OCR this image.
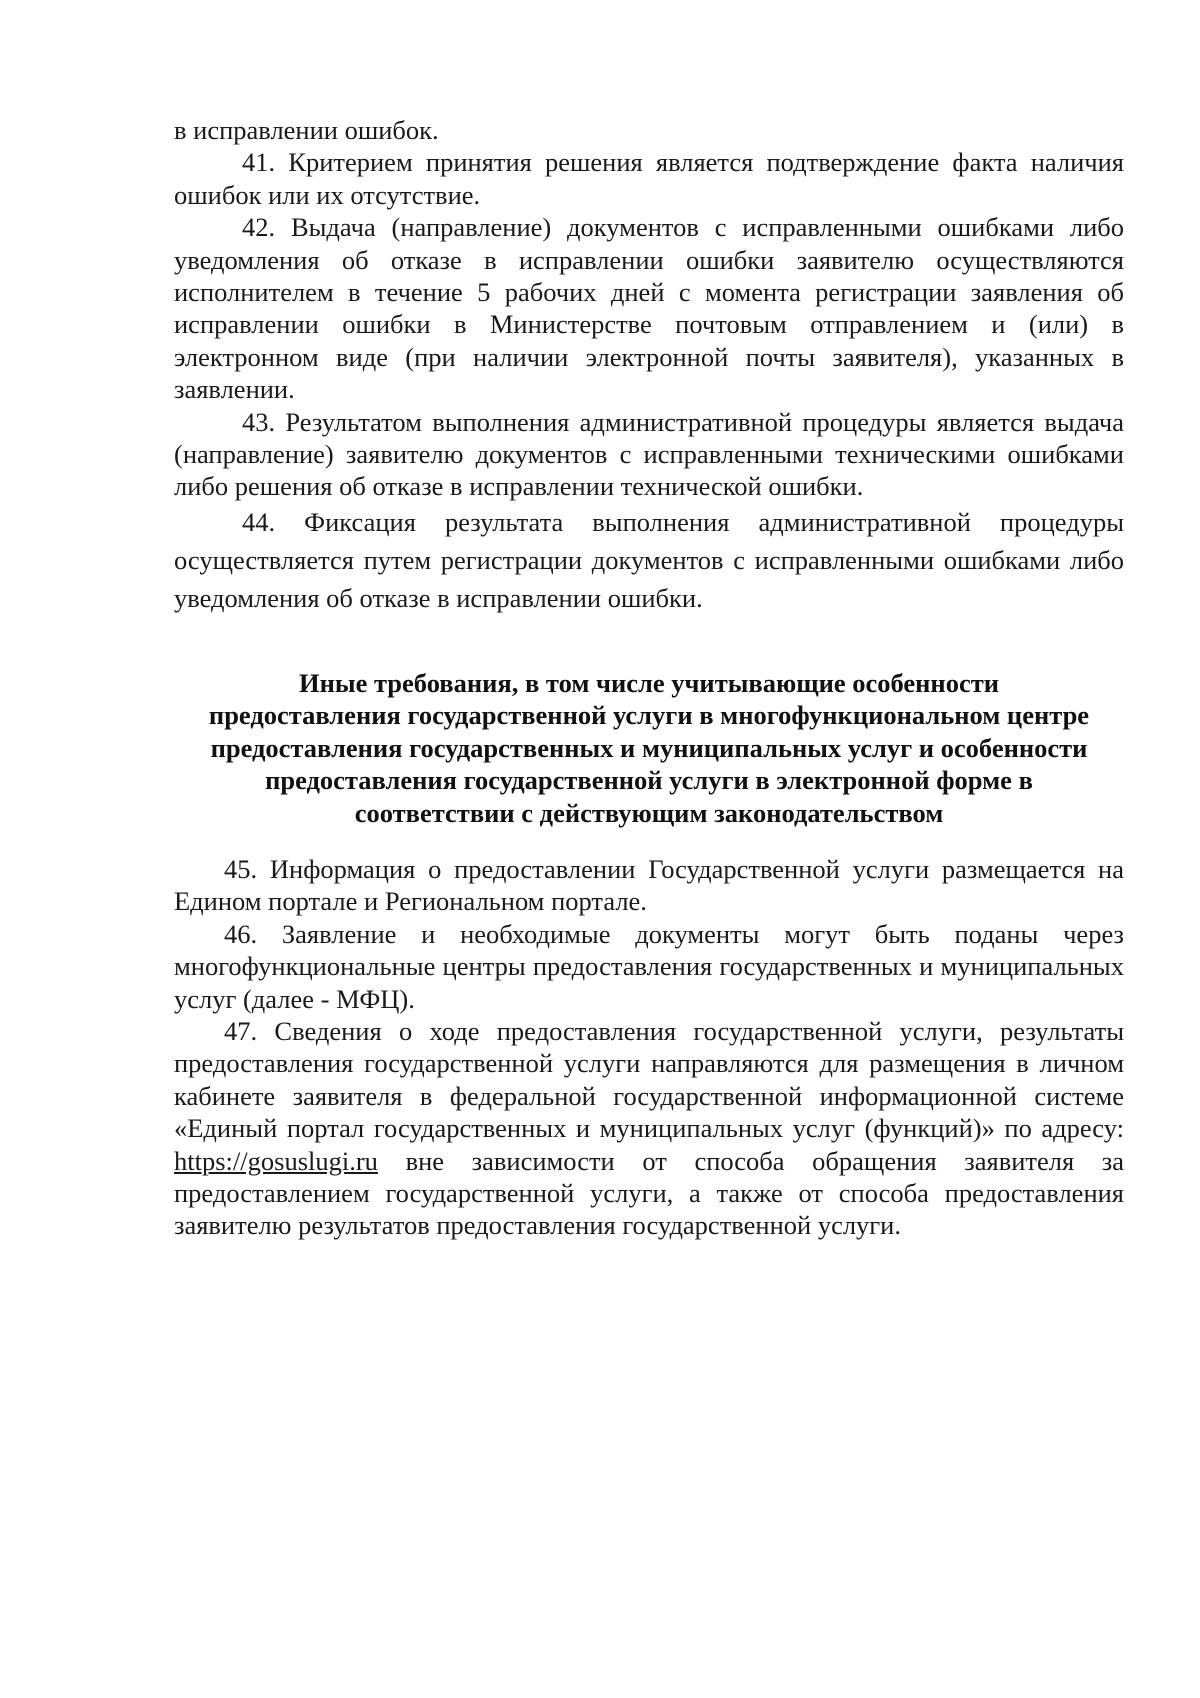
в исправлении ошибок.

41. Критерием принятия решения является подтверждение факта наличия ошибок или их отсутствие.

42. Выдача (направление) документов с исправленными ошибками либо уведомления об отказе в исправлении ошибки заявителю осуществляются исполнителем в течение 5 рабочих дней с момента регистрации заявления об исправлении ошибки в Министерстве почтовым отправлением и (или) в электронном виде (при наличии электронной почты заявителя), указанных в заявлении.

43. Результатом выполнения административной процедуры является выдача (направление) заявителю документов с исправленными техническими ошибками либо решения об отказе в исправлении технической ошибки.

44. Фиксация результата выполнения административной процедуры осуществляется путем регистрации документов с исправленными ошибками либо уведомления об отказе в исправлении ошибки.

Иные требования, в том числе учитывающие особенности
предоставления государственной услуги в многофункциональном центре
предоставления государственных и муниципальных услуг и особенности
предоставления государственной услуги в электронной форме в
соответствии с действующим законодательством

45. Информация о предоставлении Государственной услуги размещается на Едином портале и Региональном портале.

46. Заявление и необходимые документы могут быть поданы через многофункциональные центры предоставления государственных и муниципальных услуг (далее - МФЦ).

47. Сведения о ходе предоставления государственной услуги, результаты предоставления государственной услуги направляются для размещения в личном кабинете заявителя в федеральной государственной информационной системе «Единый портал государственных и муниципальных услуг (функций)» по адресу: https://gosuslugi.ru вне зависимости от способа обращения заявителя за предоставлением государственной услуги, а также от способа предоставления заявителю результатов предоставления государственной услуги.
